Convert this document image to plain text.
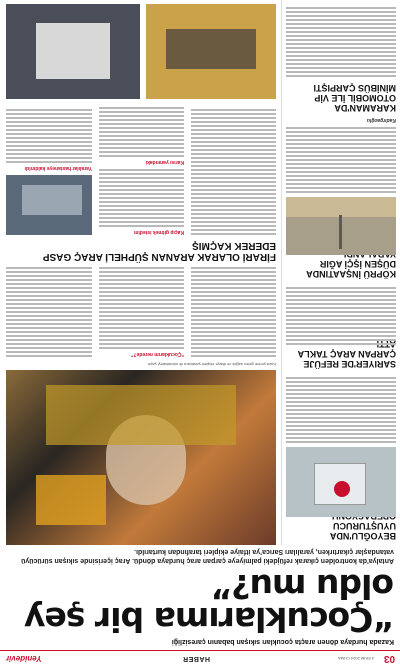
03
4 EKİM 2024 CUMA
HABER
Yenidevir
Kazada hurdaya dönen araçta çocukları sıkışan babanın çaresizliği
“Çocuklarıma bir şey oldu mu?”
Antalya'da kontrolden çıkarak refüjdeki palmiyeye çarpan araç hurdaya döndü. Araç içerisinde sıkışan sürücüyü vatandaşlar çıkartırken, yaralıları Sarıca’ya itfaiye ekipleri tarafından kurtarıldı.
BEYOĞLU'NDA UYUŞTURUCU
SARIYER'DE REFÜJE ÇARPAN ARAÇ TAKLA
KÖPRÜ İNŞAATINDA DÜŞEN İŞÇİ AĞIR
Kadırgaoğlu
KARAMAN'DA OTOMOBİL İLE VİP MİNİBÜS ÇARPIŞTI
Kaza yerine gelen sağlık ve itfaiye ekipleri yaralılara ilk müdahaleyi yaptı.
“Çocuklarım nerede?”
FİRARİ OLARAK ARANAN ŞÜPHELİ ARAÇ GASP EDEREK KAÇMIŞ
Kaçıp gitmek istedim
Karısı yanındaki
Yaralılar hastaneye kaldırıldı
